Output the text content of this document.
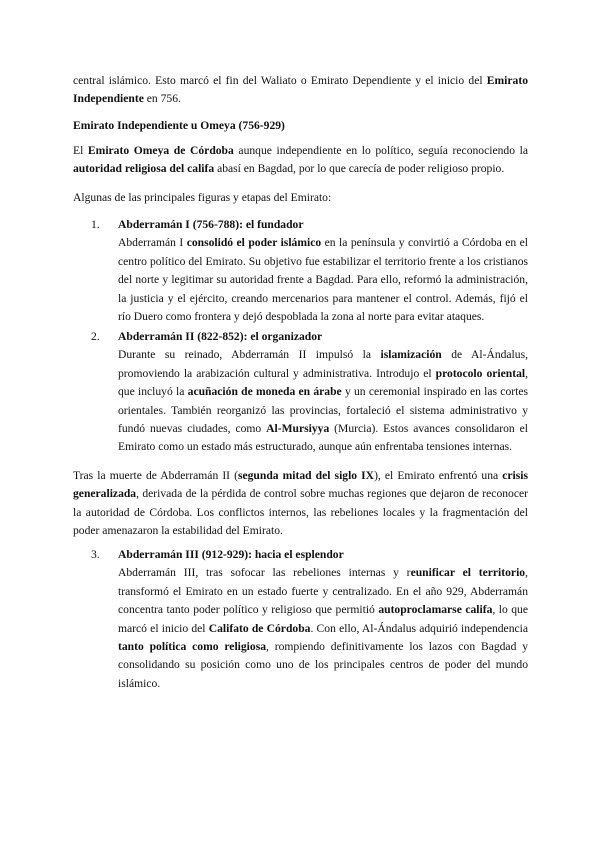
central islámico. Esto marcó el fin del Waliato o Emirato Dependiente y el inicio del Emirato Independiente en 756.

Emirato Independiente u Omeya (756-929)

El Emirato Omeya de Córdoba aunque independiente en lo político, seguía reconociendo la autoridad religiosa del califa abasí en Bagdad, por lo que carecía de poder religioso propio.

Algunas de las principales figuras y etapas del Emirato:

1.	Abderramán I (756-788): el fundador
Abderramán I consolidó el poder islámico en la península y convirtió a Córdoba en el centro político del Emirato. Su objetivo fue estabilizar el territorio frente a los cristianos del norte y legitimar su autoridad frente a Bagdad. Para ello, reformó la administración, la justicia y el ejército, creando mercenarios para mantener el control. Además, fijó el río Duero como frontera y dejó despoblada la zona al norte para evitar ataques.
2.	Abderramán II (822-852): el organizador
Durante su reinado, Abderramán II impulsó la islamización de Al-Ándalus, promoviendo la arabización cultural y administrativa. Introdujo el protocolo oriental, que incluyó la acuñación de moneda en árabe y un ceremonial inspirado en las cortes orientales. También reorganizó las provincias, fortaleció el sistema administrativo y fundó nuevas ciudades, como Al-Mursiyya (Murcia). Estos avances consolidaron el Emirato como un estado más estructurado, aunque aún enfrentaba tensiones internas.

Tras la muerte de Abderramán II (segunda mitad del siglo IX), el Emirato enfrentó una crisis generalizada, derivada de la pérdida de control sobre muchas regiones que dejaron de reconocer la autoridad de Córdoba. Los conflictos internos, las rebeliones locales y la fragmentación del poder amenazaron la estabilidad del Emirato.

3.	Abderramán III (912-929): hacia el esplendor
Abderramán III, tras sofocar las rebeliones internas y reunificar el territorio, transformó el Emirato en un estado fuerte y centralizado. En el año 929, Abderramán concentra tanto poder político y religioso que permitió autoproclamarse califa, lo que marcó el inicio del Califato de Córdoba. Con ello, Al-Ándalus adquirió independencia tanto política como religiosa, rompiendo definitivamente los lazos con Bagdad y consolidando su posición como uno de los principales centros de poder del mundo islámico.
